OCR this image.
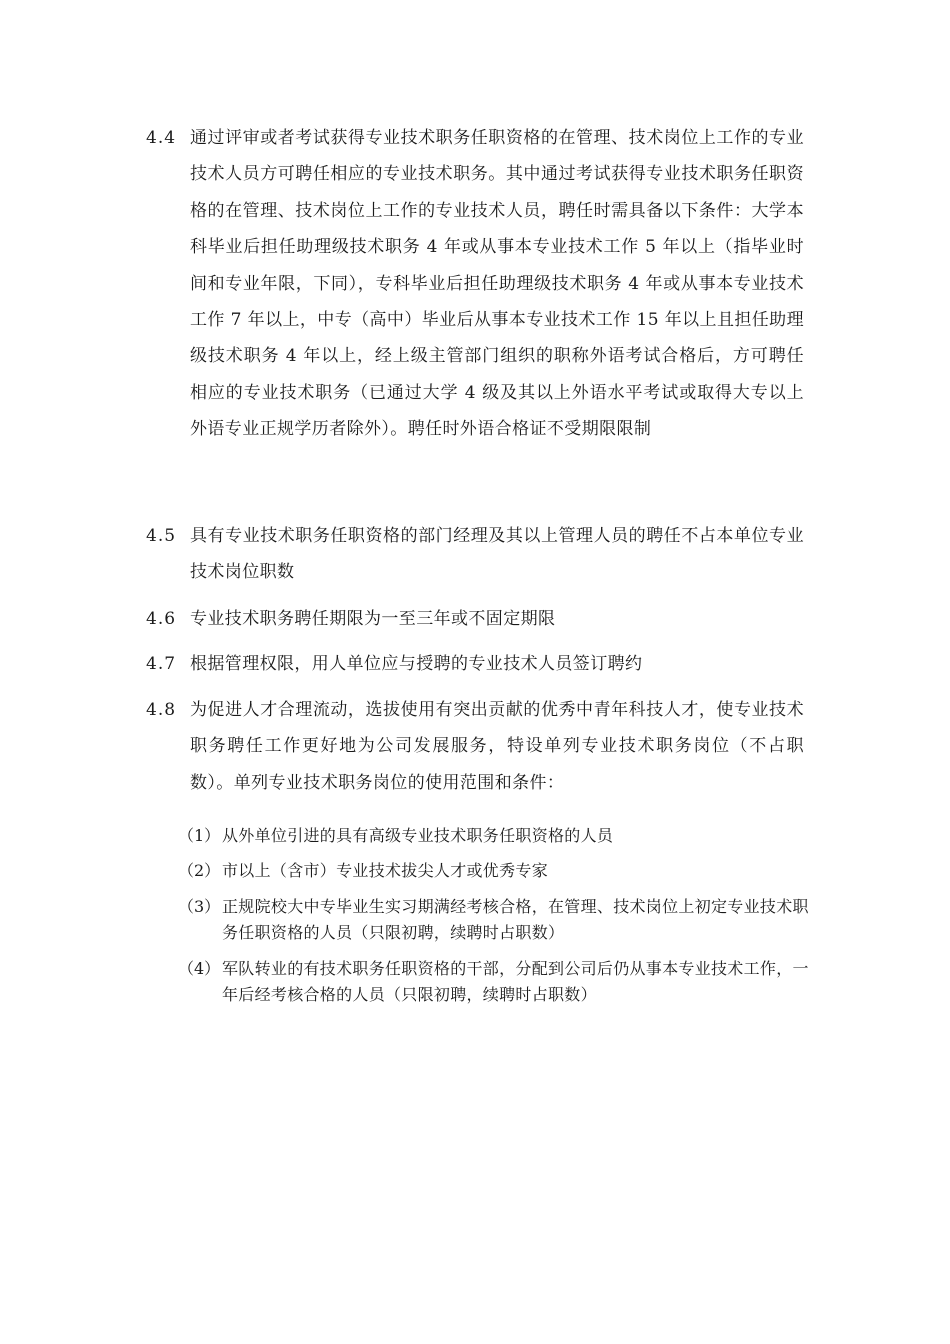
4.4 通过评审或者考试获得专业技术职务任职资格的在管理、技术岗位上工作的专业技术人员方可聘任相应的专业技术职务。其中通过考试获得专业技术职务任职资格的在管理、技术岗位上工作的专业技术人员，聘任时需具备以下条件：大学本科毕业后担任助理级技术职务 4 年或从事本专业技术工作 5 年以上（指毕业时间和专业年限，下同），专科毕业后担任助理级技术职务 4 年或从事本专业技术工作 7 年以上，中专（高中）毕业后从事本专业技术工作 15 年以上且担任助理级技术职务 4 年以上，经上级主管部门组织的职称外语考试合格后，方可聘任相应的专业技术职务（已通过大学 4 级及其以上外语水平考试或取得大专以上外语专业正规学历者除外）。聘任时外语合格证不受期限限制
4.5 具有专业技术职务任职资格的部门经理及其以上管理人员的聘任不占本单位专业技术岗位职数
4.6 专业技术职务聘任期限为一至三年或不固定期限
4.7 根据管理权限，用人单位应与授聘的专业技术人员签订聘约
4.8 为促进人才合理流动，选拔使用有突出贡献的优秀中青年科技人才，使专业技术职务聘任工作更好地为公司发展服务，特设单列专业技术职务岗位（不占职数）。单列专业技术职务岗位的使用范围和条件：
（1） 从外单位引进的具有高级专业技术职务任职资格的人员
（2） 市以上（含市）专业技术拔尖人才或优秀专家
（3） 正规院校大中专毕业生实习期满经考核合格，在管理、技术岗位上初定专业技术职务任职资格的人员（只限初聘，续聘时占职数）
（4） 军队转业的有技术职务任职资格的干部，分配到公司后仍从事本专业技术工作，一年后经考核合格的人员（只限初聘，续聘时占职数）
